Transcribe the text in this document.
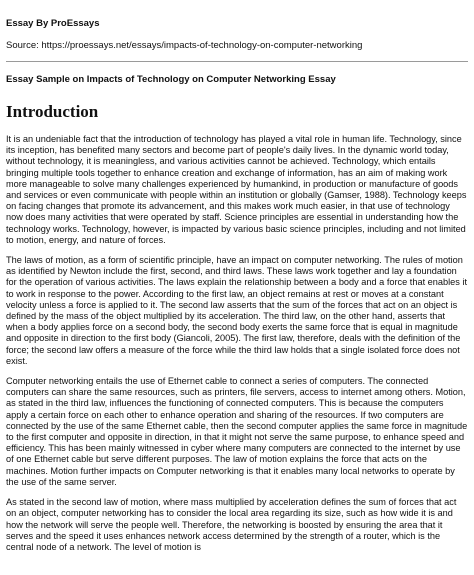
Essay By ProEssays
Source: https://proessays.net/essays/impacts-of-technology-on-computer-networking
Essay Sample on Impacts of Technology on Computer Networking Essay
Introduction

It is an undeniable fact that the introduction of technology has played a vital role in human life. Technology, since its inception, has benefited many sectors and become part of people's daily lives. In the dynamic world today, without technology, it is meaningless, and various activities cannot be achieved. Technology, which entails bringing multiple tools together to enhance creation and exchange of information, has an aim of making work more manageable to solve many challenges experienced by humankind, in production or manufacture of goods and services or even communicate with people within an institution or globally (Gamser, 1988). Technology keeps on facing changes that promote its advancement, and this makes work much easier, in that use of technology now does many activities that were operated by staff. Science principles are essential in understanding how the technology works. Technology, however, is impacted by various basic science principles, including and not limited to motion, energy, and nature of forces.

The laws of motion, as a form of scientific principle, have an impact on computer networking. The rules of motion as identified by Newton include the first, second, and third laws. These laws work together and lay a foundation for the operation of various activities. The laws explain the relationship between a body and a force that enables it to work in response to the power. According to the first law, an object remains at rest or moves at a constant velocity unless a force is applied to it. The second law asserts that the sum of the forces that act on an object is defined by the mass of the object multiplied by its acceleration. The third law, on the other hand, asserts that when a body applies force on a second body, the second body exerts the same force that is equal in magnitude and opposite in direction to the first body (Giancoli, 2005). The first law, therefore, deals with the definition of the force; the second law offers a measure of the force while the third law holds that a single isolated force does not exist.

Computer networking entails the use of Ethernet cable to connect a series of computers. The connected computers can share the same resources, such as printers, file servers, access to internet among others. Motion, as stated in the third law, influences the functioning of connected computers. This is because the computers apply a certain force on each other to enhance operation and sharing of the resources. If two computers are connected by the use of the same Ethernet cable, then the second computer applies the same force in magnitude to the first computer and opposite in direction, in that it might not serve the same purpose, to enhance speed and efficiency. This has been mainly witnessed in cyber where many computers are connected to the internet by use of one Ethernet cable but serve different purposes. The law of motion explains the force that acts on the machines. Motion further impacts on Computer networking is that it enables many local networks to operate by the use of the same server.

As stated in the second law of motion, where mass multiplied by acceleration defines the sum of forces that act on an object, computer networking has to consider the local area regarding its size, such as how wide it is and how the network will serve the people well. Therefore, the networking is boosted by ensuring the area that it serves and the speed it uses enhances network access determined by the strength of a router, which is the central node of a network. The level of motion is
